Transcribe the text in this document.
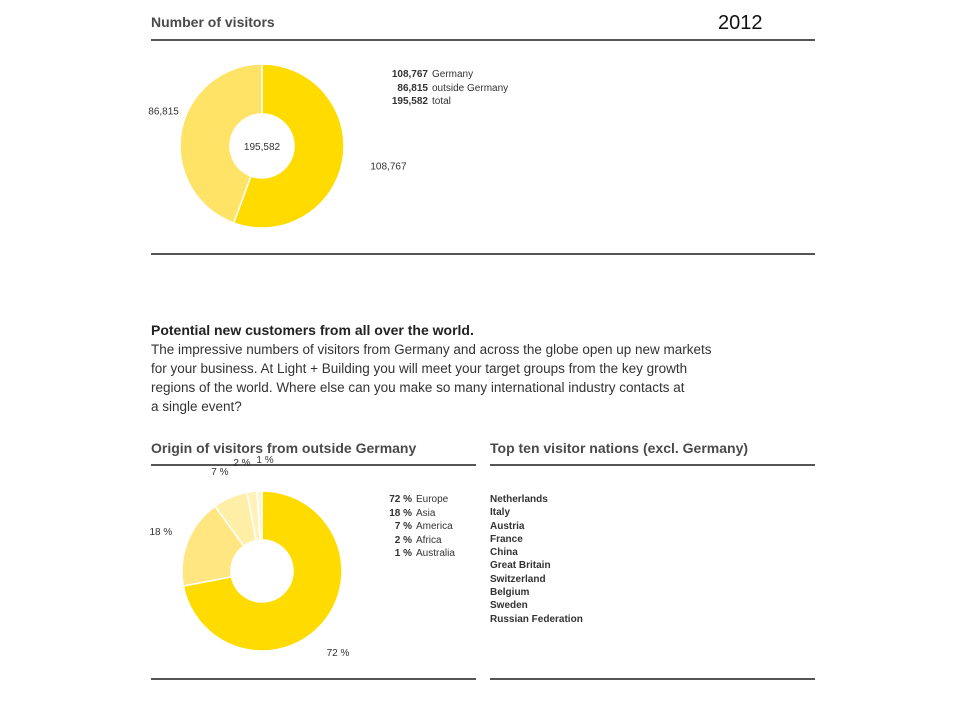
2012
Number of visitors
108,767
86,815
195,582
108,767 Germany
86,815 outside Germany
195,582 total
Potential new customers from all over the world.
The impressive numbers of visitors from Germany and across the globe open up new markets
for your business. At Light + Building you will meet your target groups from the key growth
regions of the world. Where else can you make so many international industry contacts at
a single event?
Origin of visitors from outside Germany	Top ten visitor nations (excl. Germany)
72 %
18 %
7 %
2 % 1 %
72 % Europe
18 % Asia
7 % America
2 % Africa
1 % Australia
Netherlands
Italy
Austria
France
China
Great Britain
Switzerland
Belgium
Sweden
Russian Federation
